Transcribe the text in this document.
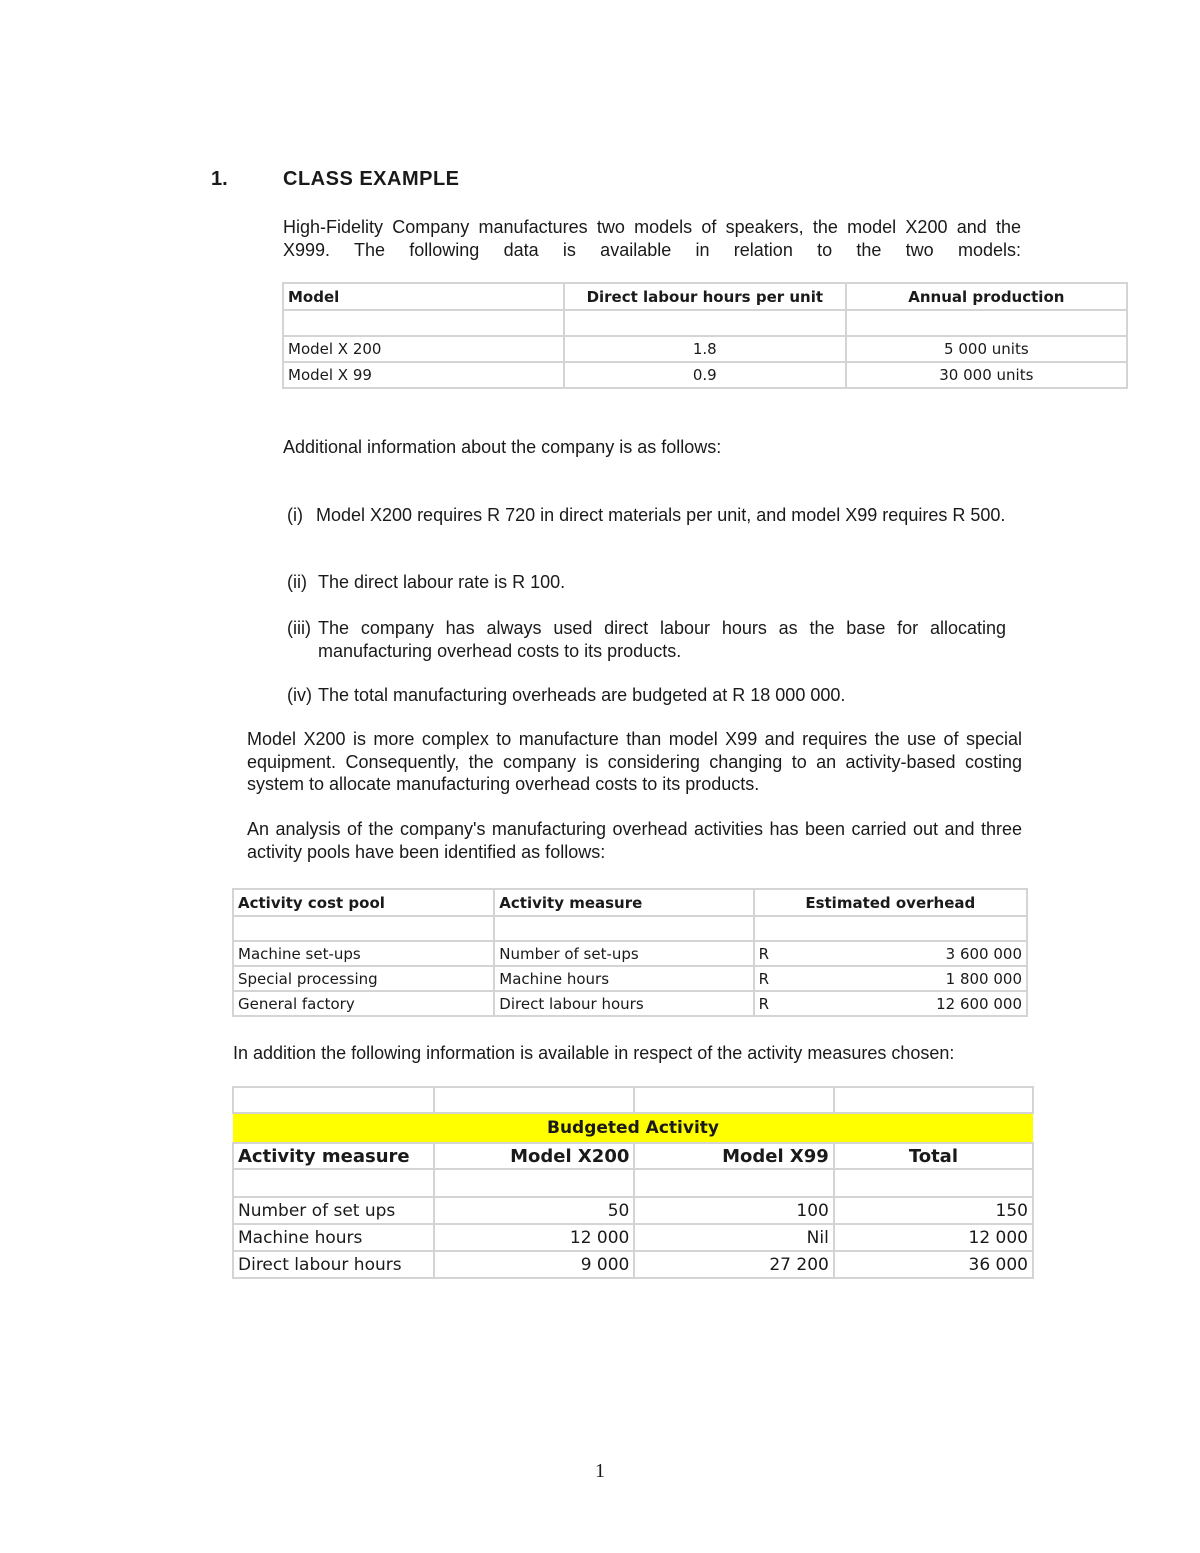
1.	CLASS EXAMPLE
High-Fidelity Company manufactures two models of speakers, the model X200 and the X999. The following data is available in relation to the two models:
Model	Direct labour hours per unit	Annual production

Model X 200	1.8	5 000 units
Model X 99	0.9	30 000 units
Additional information about the company is as follows:
(i) Model X200 requires R 720 in direct materials per unit, and model X99 requires R 500.
(ii) The direct labour rate is R 100.
(iii) The company has always used direct labour hours as the base for allocating manufacturing overhead costs to its products.
(iv) The total manufacturing overheads are budgeted at R 18 000 000.
Model X200 is more complex to manufacture than model X99 and requires the use of special equipment. Consequently, the company is considering changing to an activity-based costing system to allocate manufacturing overhead costs to its products.
An analysis of the company's manufacturing overhead activities has been carried out and three activity pools have been identified as follows:
Activity cost pool	Activity measure	Estimated overhead	

Machine set-ups	Number of set-ups	R	3 600 000
Special processing	Machine hours	R	1 800 000
General factory	Direct labour hours	R	12 600 000
In addition the following information is available in respect of the activity measures chosen:

Budgeted Activity			
Activity measure	Model X200	Model X99	Total

Number of set ups	50	100	150
Machine hours	12 000	Nil	12 000
Direct labour hours	9 000	27 200	36 000
1
